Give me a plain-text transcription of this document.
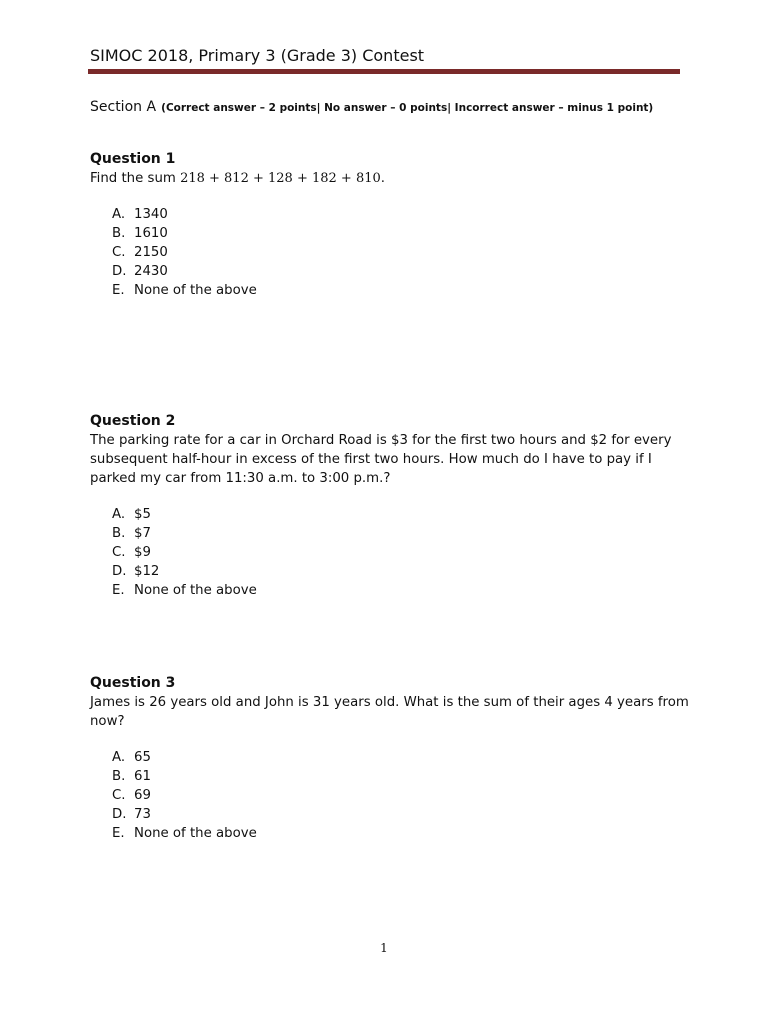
SIMOC 2018, Primary 3 (Grade 3) Contest
Section A (Correct answer – 2 points| No answer – 0 points| Incorrect answer – minus 1 point)
Question 1
Find the sum 218 + 812 + 128 + 182 + 810.
A. 1340
B. 1610
C. 2150
D. 2430
E. None of the above
Question 2
The parking rate for a car in Orchard Road is $3 for the first two hours and $2 for every subsequent half-hour in excess of the first two hours. How much do I have to pay if I parked my car from 11:30 a.m. to 3:00 p.m.?
A. $5
B. $7
C. $9
D. $12
E. None of the above
Question 3
James is 26 years old and John is 31 years old. What is the sum of their ages 4 years from now?
A. 65
B. 61
C. 69
D. 73
E. None of the above
1
